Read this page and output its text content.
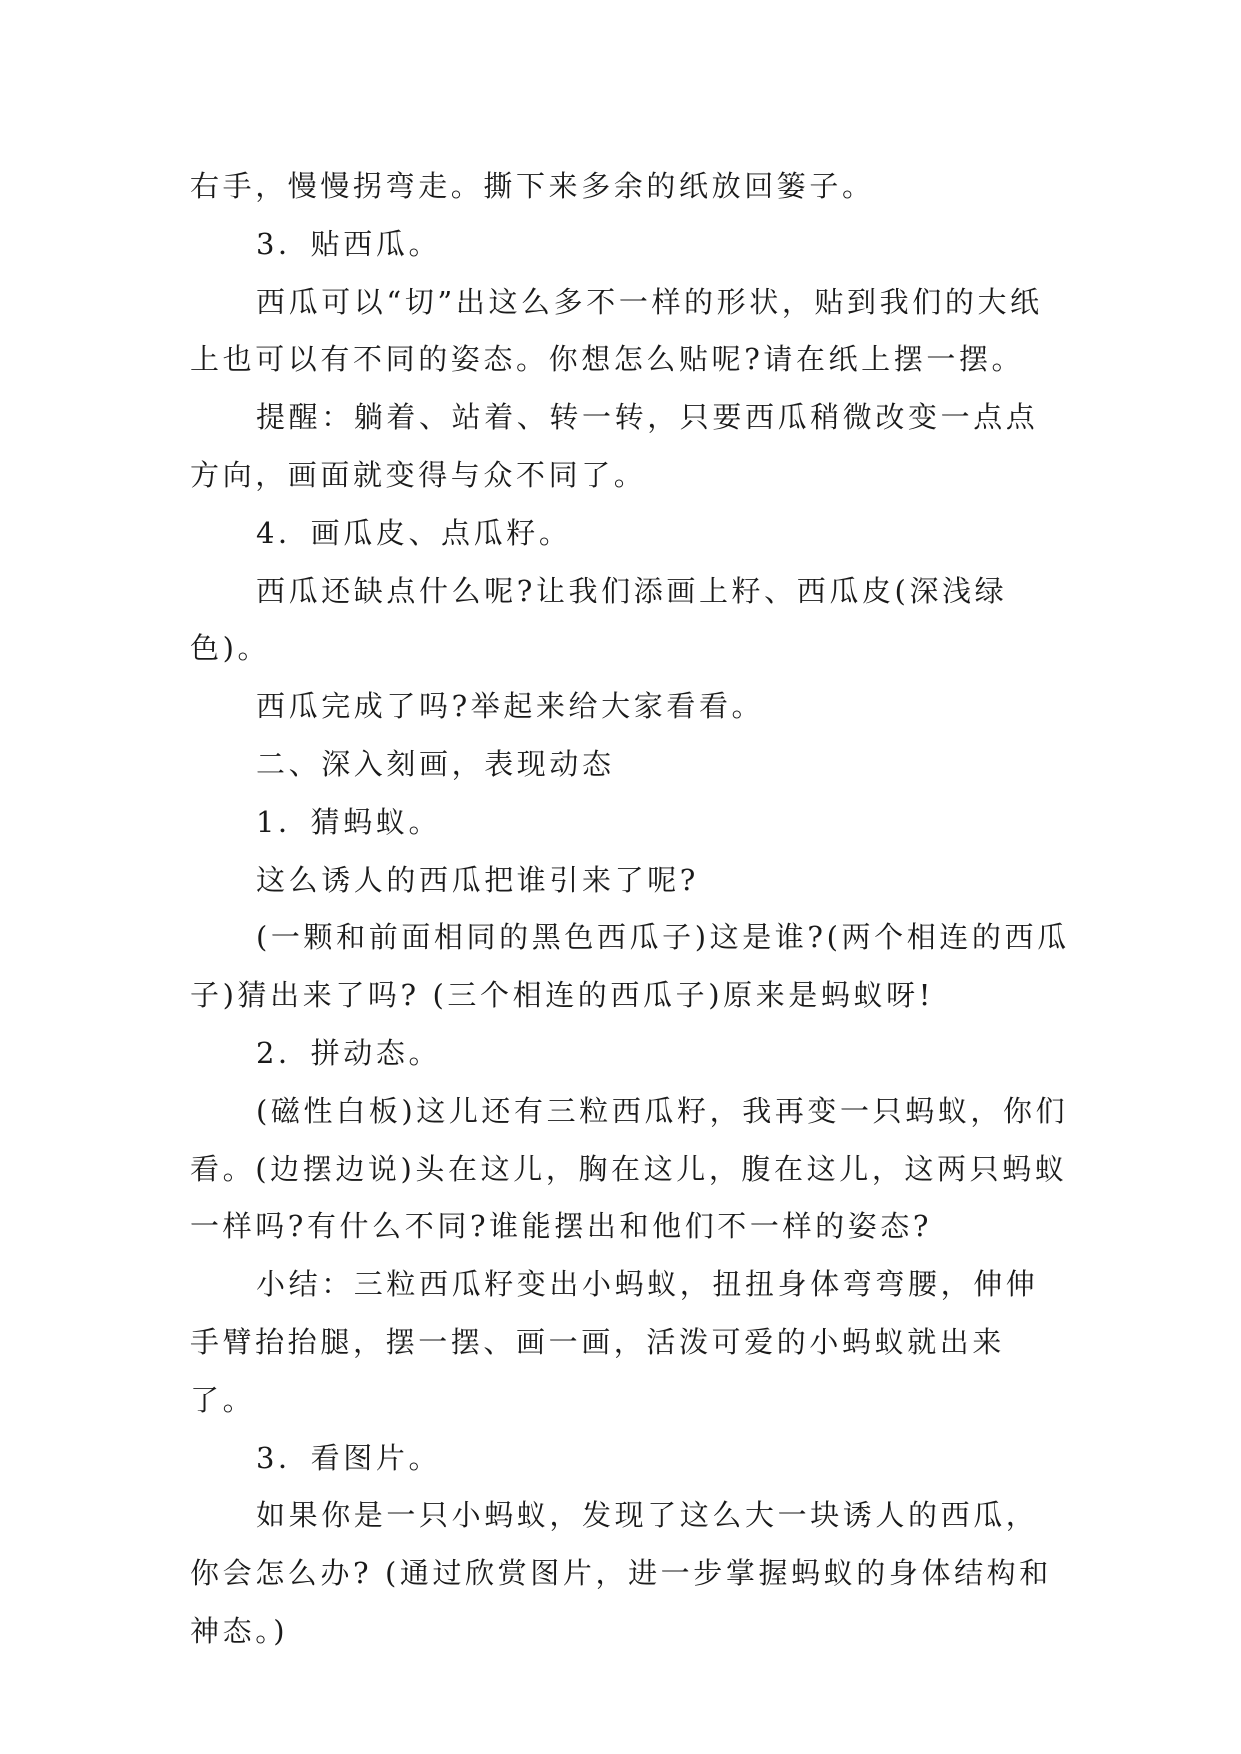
右手，慢慢拐弯走。撕下来多余的纸放回篓子。

3．贴西瓜。

西瓜可以“切”出这么多不一样的形状，贴到我们的大纸上也可以有不同的姿态。你想怎么贴呢?请在纸上摆一摆。

提醒：躺着、站着、转一转，只要西瓜稍微改变一点点方向，画面就变得与众不同了。

4．画瓜皮、点瓜籽。

西瓜还缺点什么呢?让我们添画上籽、西瓜皮(深浅绿色)。

西瓜完成了吗?举起来给大家看看。

二、深入刻画，表现动态

1．猜蚂蚁。

这么诱人的西瓜把谁引来了呢?

(一颗和前面相同的黑色西瓜子)这是谁?(两个相连的西瓜子)猜出来了吗? (三个相连的西瓜子)原来是蚂蚁呀!

2．拼动态。

(磁性白板)这儿还有三粒西瓜籽，我再变一只蚂蚁，你们看。(边摆边说)头在这儿，胸在这儿，腹在这儿，这两只蚂蚁一样吗?有什么不同?谁能摆出和他们不一样的姿态?

小结：三粒西瓜籽变出小蚂蚁，扭扭身体弯弯腰，伸伸手臂抬抬腿，摆一摆、画一画，活泼可爱的小蚂蚁就出来了。

3．看图片。

如果你是一只小蚂蚁，发现了这么大一块诱人的西瓜，你会怎么办? (通过欣赏图片，进一步掌握蚂蚁的身体结构和神态。)
